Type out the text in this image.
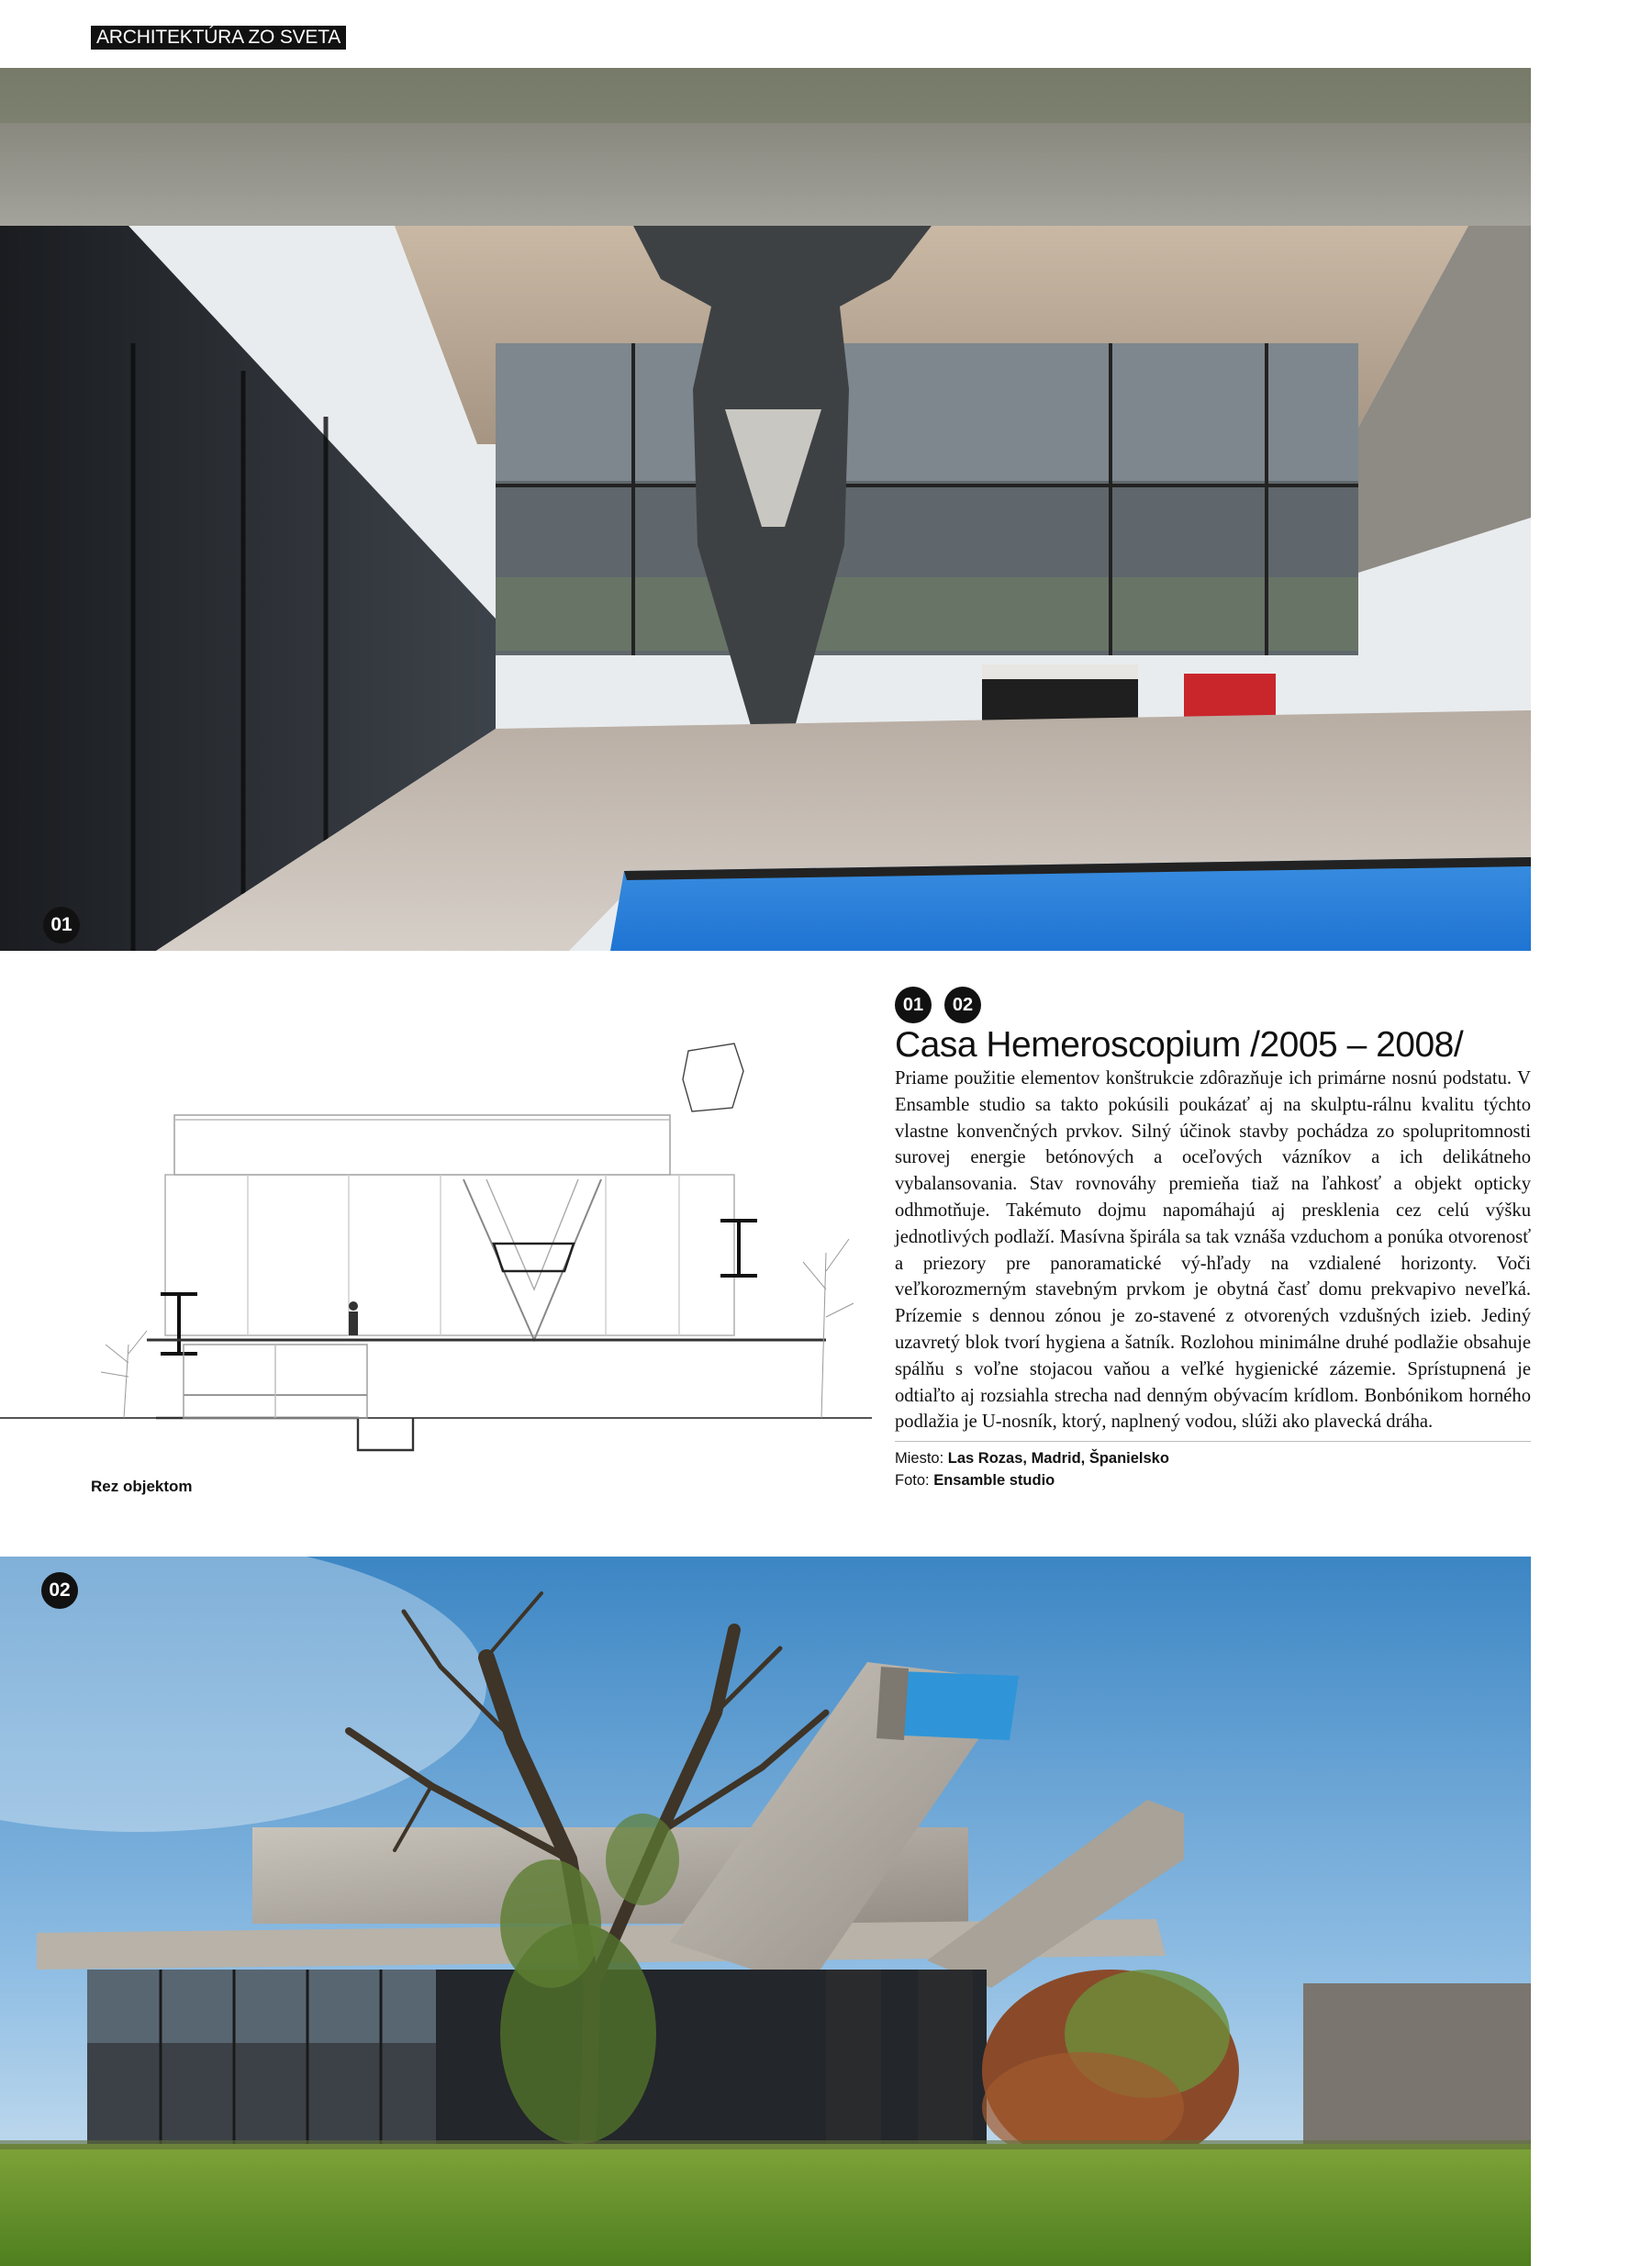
ARCHITEKTÚRA ZO SVETA
01
Rez objektom
01 02
Casa Hemeroscopium /2005 – 2008/

Priame použitie elementov konštrukcie zdôrazňuje ich primárne nosnú podstatu. V Ensamble studio sa takto pokúsili poukázať aj na skulptu-rálnu kvalitu týchto vlastne konvenčných prvkov. Silný účinok stavby pochádza zo spolupritomnosti surovej energie betónových a oceľových vázníkov a ich delikátneho vybalansovania. Stav rovnováhy premieňa tiaž na ľahkosť a objekt opticky odhmotňuje. Takémuto dojmu napomáhajú aj presklenia cez celú výšku jednotlivých podlaží. Masívna špirála sa tak vznáša vzduchom a ponúka otvorenosť a priezory pre panoramatické vý-hľady na vzdialené horizonty. Voči veľkorozmerným stavebným prvkom je obytná časť domu prekvapivo neveľká. Prízemie s dennou zónou je zo-stavené z otvorených vzdušných izieb. Jediný uzavretý blok tvorí hygiena a šatník. Rozlohou minimálne druhé podlažie obsahuje spálňu s voľne stojacou vaňou a veľké hygienické zázemie. Sprístupnená je odtiaľto aj rozsiahla strecha nad denným obývacím krídlom. Bonbónikom horného podlažia je U-nosník, ktorý, naplnený vodou, slúži ako plavecká dráha.

Miesto: Las Rozas, Madrid, Španielsko
Foto: Ensamble studio
02
